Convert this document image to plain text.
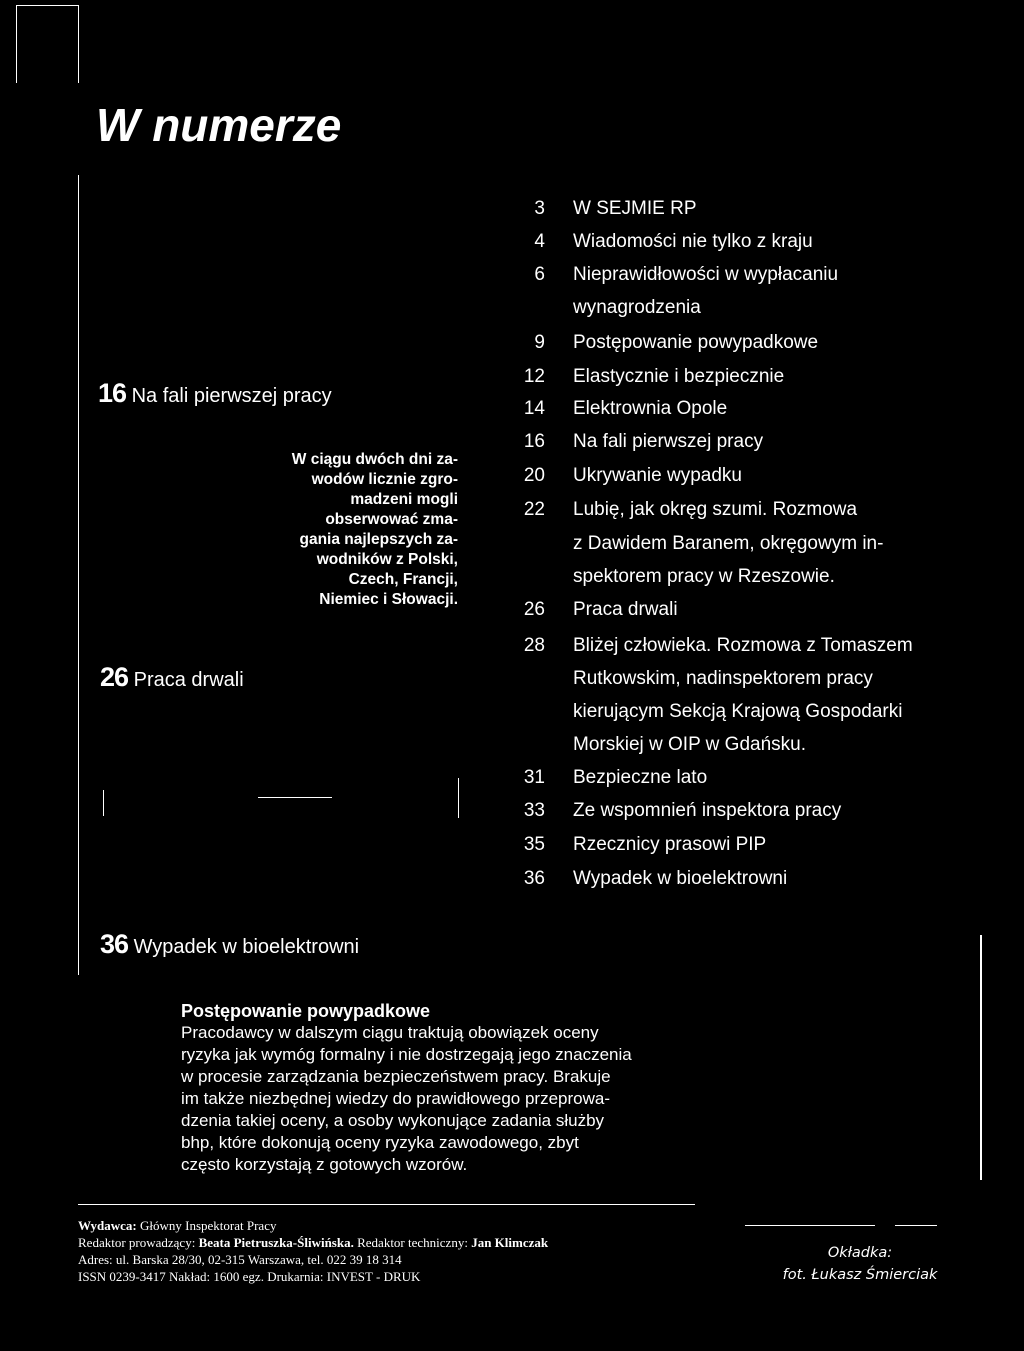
W numerze
16 Na fali pierwszej pracy
26 Praca drwali
36 Wypadek w bioelektrowni
W ciągu dwóch dni za-
wodów licznie zgro-
madzeni mogli
obserwować zma-
gania najlepszych za-
wodników z Polski,
Czech, Francji,
Niemiec i Słowacji.
3 W SEJMIE RP
4 Wiadomości nie tylko z kraju
6 Nieprawidłowości w wypłacaniu
wynagrodzenia
9 Postępowanie powypadkowe
12 Elastycznie i bezpiecznie
14 Elektrownia Opole
16 Na fali pierwszej pracy
20 Ukrywanie wypadku
22 Lubię, jak okręg szumi. Rozmowa
z Dawidem Baranem, okręgowym in-
spektorem pracy w Rzeszowie.
26 Praca drwali
28 Bliżej człowieka. Rozmowa z Tomaszem
Rutkowskim, nadinspektorem pracy
kierującym Sekcją Krajową Gospodarki
Morskiej w OIP w Gdańsku.
31 Bezpieczne lato
33 Ze wspomnień inspektora pracy
35 Rzecznicy prasowi PIP
36 Wypadek w bioelektrowni
Postępowanie powypadkowe
Pracodawcy w dalszym ciągu traktują obowiązek oceny
ryzyka jak wymóg formalny i nie dostrzegają jego znaczenia
w procesie zarządzania bezpieczeństwem pracy. Brakuje
im także niezbędnej wiedzy do prawidłowego przeprowa-
dzenia takiej oceny, a osoby wykonujące zadania służby
bhp, które dokonują oceny ryzyka zawodowego, zbyt
często korzystają z gotowych wzorów.
Wydawca: Główny Inspektorat Pracy
Redaktor prowadzący: Beata Pietruszka-Śliwińska. Redaktor techniczny: Jan Klimczak
Adres: ul. Barska 28/30, 02-315 Warszawa, tel. 022 39 18 314
ISSN 0239-3417 Nakład: 1600 egz. Drukarnia: INVEST - DRUK
Okładka:
fot. Łukasz Śmierciak
